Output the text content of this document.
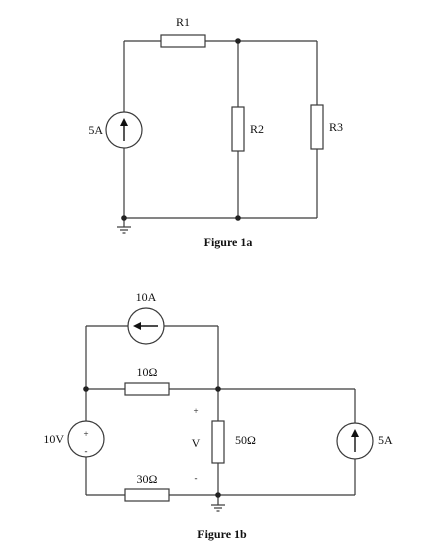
R1
R2	R3
5A
Figure 1a
+
-
10A
10Ω
30Ω
50Ω
10V	5A
+
V
-
Figure 1b
